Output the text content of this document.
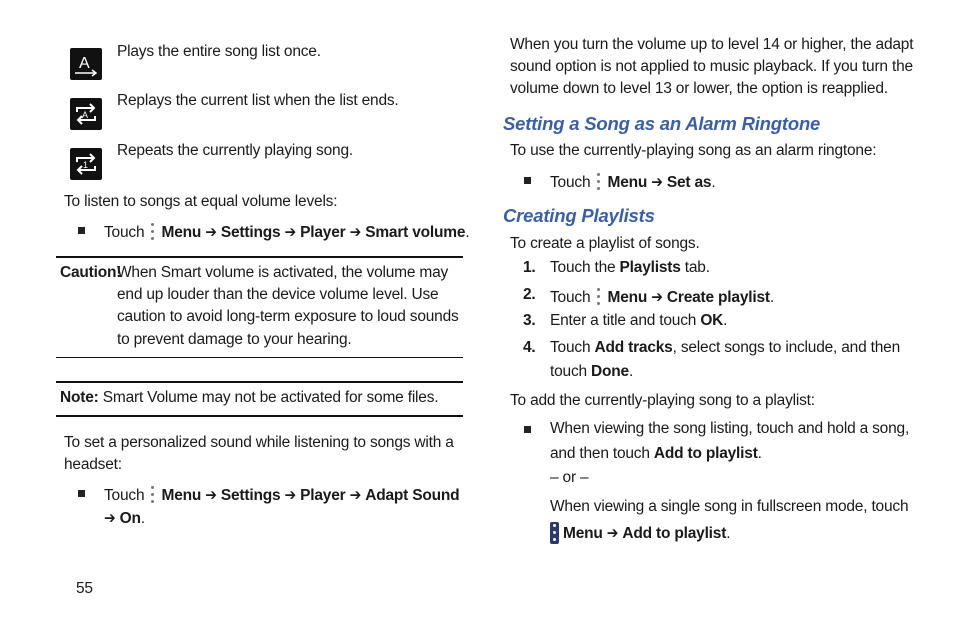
A
Plays the entire song list once.
A
Replays the current list when the list ends.
1
Repeats the currently playing song.
To listen to songs at equal volume levels:
Touch Menu ➔ Settings ➔ Player ➔ Smart volume.
Caution!
When Smart volume is activated, the volume may
end up louder than the device volume level. Use
caution to avoid long-term exposure to loud sounds
to prevent damage to your hearing.
Note: Smart Volume may not be activated for some files.
To set a personalized sound while listening to songs with a
headset:
Touch Menu ➔ Settings ➔ Player ➔ Adapt Sound
➔ On.
55
When you turn the volume up to level 14 or higher, the adapt
sound option is not applied to music playback. If you turn the
volume down to level 13 or lower, the option is reapplied.
Setting a Song as an Alarm Ringtone
To use the currently-playing song as an alarm ringtone:
Touch Menu ➔ Set as.
Creating Playlists
To create a playlist of songs.
1. Touch the Playlists tab.
2. Touch Menu ➔ Create playlist.
3. Enter a title and touch OK.
4. Touch Add tracks, select songs to include, and then
touch Done.
To add the currently-playing song to a playlist:
When viewing the song listing, touch and hold a song,
and then touch Add to playlist.
– or –
When viewing a single song in fullscreen mode, touch
Menu ➔ Add to playlist.
